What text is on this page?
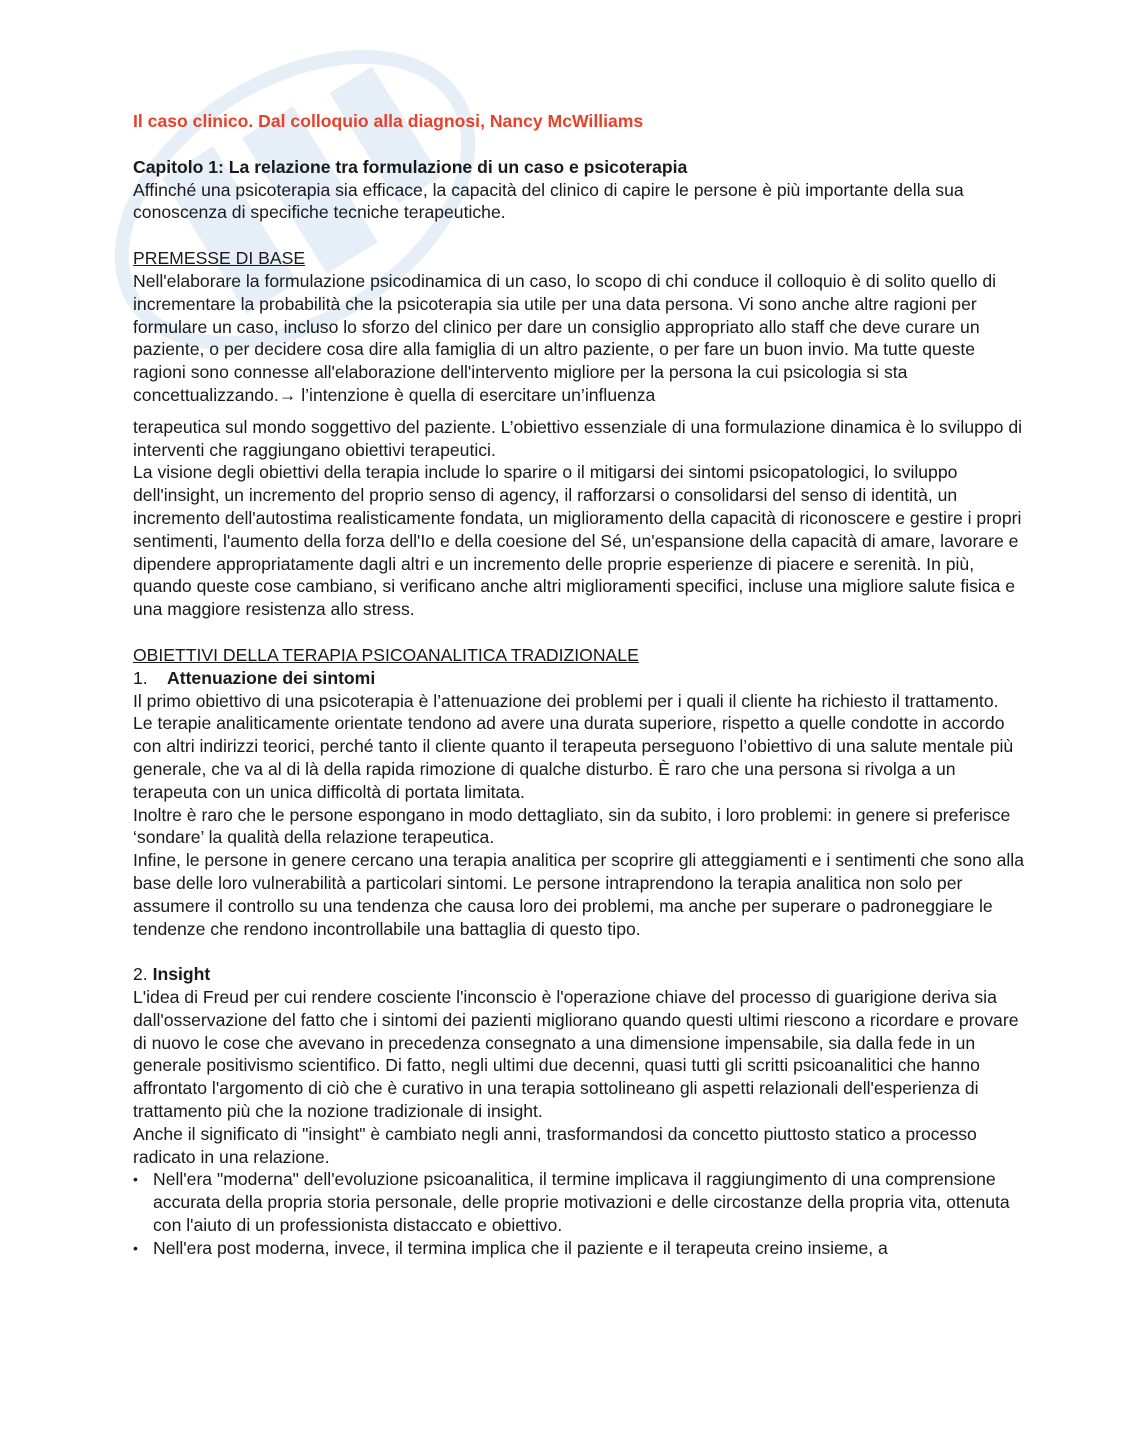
Il caso clinico. Dal colloquio alla diagnosi, Nancy McWilliams

Capitolo 1: La relazione tra formulazione di un caso e psicoterapia

Affinché una psicoterapia sia efficace, la capacità del clinico di capire le persone è più importante della sua conoscenza di specifiche tecniche terapeutiche.

PREMESSE DI BASE

Nell'elaborare la formulazione psicodinamica di un caso, lo scopo di chi conduce il colloquio è di solito quello di incrementare la probabilità che la psicoterapia sia utile per una data persona. Vi sono anche altre ragioni per formulare un caso, incluso lo sforzo del clinico per dare un consiglio appropriato allo staff che deve curare un paziente, o per decidere cosa dire alla famiglia di un altro paziente, o per fare un buon invio. Ma tutte queste ragioni sono connesse all'elaborazione dell'intervento migliore per la persona la cui psicologia si sta concettualizzando.→ l’intenzione è quella di esercitare un’influenza

terapeutica sul mondo soggettivo del paziente. L’obiettivo essenziale di una formulazione dinamica è lo sviluppo di interventi che raggiungano obiettivi terapeutici.

La visione degli obiettivi della terapia include lo sparire o il mitigarsi dei sintomi psicopatologici, lo sviluppo dell'insight, un incremento del proprio senso di agency, il rafforzarsi o consolidarsi del senso di identità, un incremento dell'autostima realisticamente fondata, un miglioramento della capacità di riconoscere e gestire i propri sentimenti, l'aumento della forza dell'Io e della coesione del Sé, un'espansione della capacità di amare, lavorare e dipendere appropriatamente dagli altri e un incremento delle proprie esperienze di piacere e serenità. In più, quando queste cose cambiano, si verificano anche altri miglioramenti specifici, incluse una migliore salute fisica e una maggiore resistenza allo stress.

OBIETTIVI DELLA TERAPIA PSICOANALITICA TRADIZIONALE

1. Attenuazione dei sintomi

Il primo obiettivo di una psicoterapia è l’attenuazione dei problemi per i quali il cliente ha richiesto il trattamento.

Le terapie analiticamente orientate tendono ad avere una durata superiore, rispetto a quelle condotte in accordo con altri indirizzi teorici, perché tanto il cliente quanto il terapeuta perseguono l’obiettivo di una salute mentale più generale, che va al di là della rapida rimozione di qualche disturbo. È raro che una persona si rivolga a un terapeuta con un unica difficoltà di portata limitata.

Inoltre è raro che le persone espongano in modo dettagliato, sin da subito, i loro problemi: in genere si preferisce ‘sondare’ la qualità della relazione terapeutica.

Infine, le persone in genere cercano una terapia analitica per scoprire gli atteggiamenti e i sentimenti che sono alla base delle loro vulnerabilità a particolari sintomi. Le persone intraprendono la terapia analitica non solo per assumere il controllo su una tendenza che causa loro dei problemi, ma anche per superare o padroneggiare le tendenze che rendono incontrollabile una battaglia di questo tipo.

2. Insight

L'idea di Freud per cui rendere cosciente l'inconscio è l'operazione chiave del processo di guarigione deriva sia dall'osservazione del fatto che i sintomi dei pazienti migliorano quando questi ultimi riescono a ricordare e provare di nuovo le cose che avevano in precedenza consegnato a una dimensione impensabile, sia dalla fede in un generale positivismo scientifico. Di fatto, negli ultimi due decenni, quasi tutti gli scritti psicoanalitici che hanno affrontato l'argomento di ciò che è curativo in una terapia sottolineano gli aspetti relazionali dell'esperienza di trattamento più che la nozione tradizionale di insight.

Anche il significato di "insight" è cambiato negli anni, trasformandosi da concetto piuttosto statico a processo radicato in una relazione.

• Nell'era "moderna" dell'evoluzione psicoanalitica, il termine implicava il raggiungimento di una comprensione accurata della propria storia personale, delle proprie motivazioni e delle circostanze della propria vita, ottenuta con l'aiuto di un professionista distaccato e obiettivo.
• Nell'era post moderna, invece, il termina implica che il paziente e il terapeuta creino insieme, a
